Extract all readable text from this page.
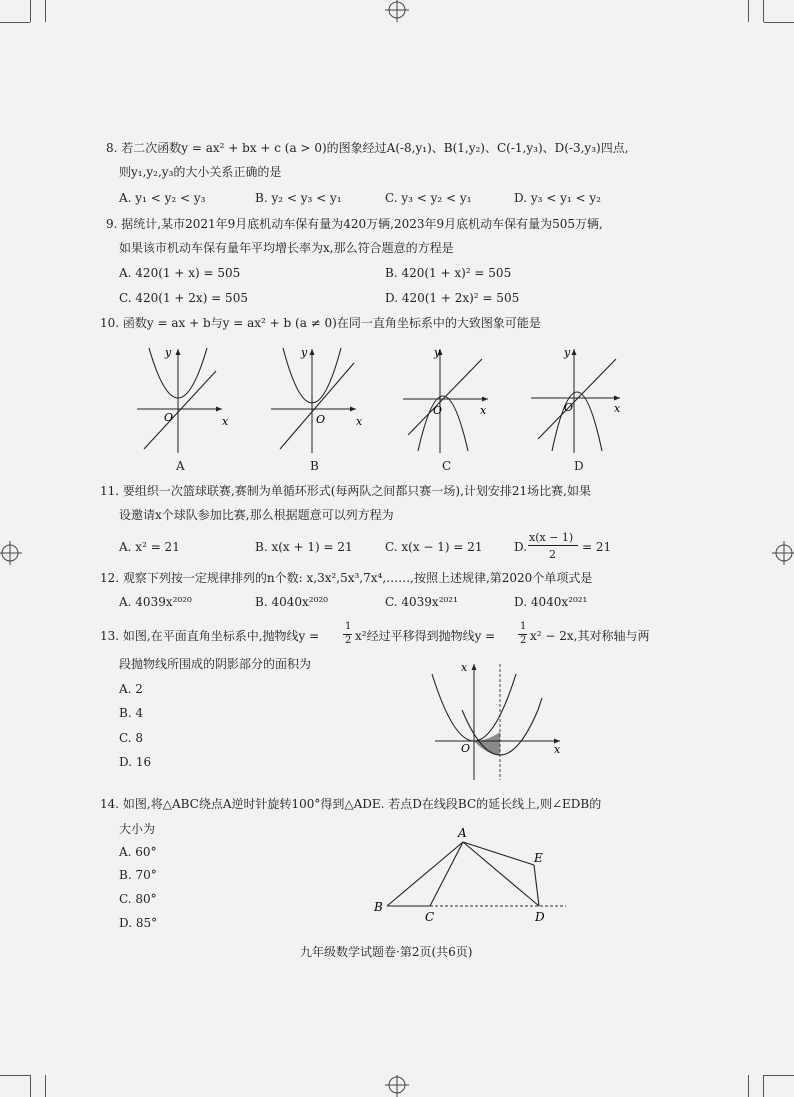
8. 若二次函数y = ax² + bx + c (a > 0)的图象经过A(-8,y₁)、B(1,y₂)、C(-1,y₃)、D(-3,y₃)四点,
则y₁,y₂,y₃的大小关系正确的是
A. y₁ < y₂ < y₃	B. y₂ < y₃ < y₁	C. y₃ < y₂ < y₁	D. y₃ < y₁ < y₂
9. 据统计,某市2021年9月底机动车保有量为420万辆,2023年9月底机动车保有量为505万辆,
如果该市机动车保有量年平均增长率为x,那么符合题意的方程是
A. 420(1 + x) = 505	B. 420(1 + x)² = 505
C. 420(1 + 2x) = 505	D. 420(1 + 2x)² = 505
10. 函数y = ax + b与y = ax² + b (a ≠ 0)在同一直角坐标系中的大致图象可能是
y
O	x
A
y
O	x
B
y
O	x
C
y
O	x
D
11. 要组织一次篮球联赛,赛制为单循环形式(每两队之间都只赛一场),计划安排21场比赛,如果
设邀请x个球队参加比赛,那么根据题意可以列方程为
A. x² = 21	B. x(x + 1) = 21	C. x(x − 1) = 21	D.
x(x − 1)
2
= 21
12. 观察下列按一定规律排列的n个数: x,3x²,5x³,7x⁴,……,按照上述规律,第2020个单项式是
A. 4039x²⁰²⁰	B. 4040x²⁰²⁰	C. 4039x²⁰²¹	D. 4040x²⁰²¹
13. 如图,在平面直角坐标系中,抛物线y =
1
2 x²经过平移得到抛物线y =
1
2 x² − 2x,其对称轴与两
段抛物线所围成的阴影部分的面积为
A. 2
B. 4
C. 8
D. 16
x
O	x
14. 如图,将△ABC绕点A逆时针旋转100°得到△ADE. 若点D在线段BC的延长线上,则∠EDB的
大小为
A. 60°
B. 70°
C. 80°
D. 85°
A
B
C	D
E
九年级数学试题卷·第2页(共6页)
